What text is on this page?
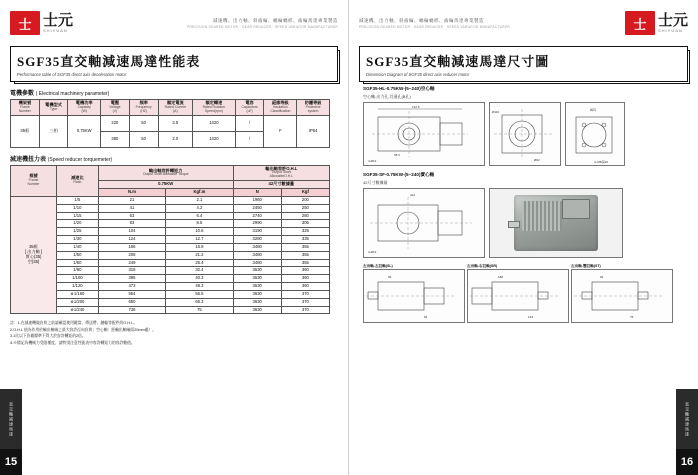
士 士元
SHIYUAN
減速機、出力軸、斜齒輪、蝸輪蝸桿、齒輪馬達專業製造
PRECISION GEARED MOTOR · GEAR REDUCER · SPEED VARIATOR MANUFACTURER
SGF35直交軸減速馬達性能表
Performance table of SGF35 direct axis deceleration motor
電機參數 ( Electrical machinery parameter)
機架號
Frame
Number	電機型式
Type	電機功率
Capacity
(W)	電壓
Voltage
(V)	頻率
Frequency
(HZ)	額定電流
Rated Current
(A)	額定轉速
Rated Rotation
Speed(rpm)	電容
Capacitors
(uF)	絕緣等級
Insulation
Classification	防護等級
Protective
system

35框	三相	0.75KW	220	50	3.5	1420	/	F	IP54
			380	50	2.0	1420	/		
減速機扭力表 (Speed reducer torquemeter)
框號
Frame
Number	減速比
Ratio	輸出軸容許轉矩力
Output Shaft Allowable Torque		輸出軸容許O.H.L
Output Shaft
AllowableO.H.L	

		0.75KW		42尺寸數據量	
		N.m	Kgf.m	N	Kgf

35框
[ 出力軸 ]
實心(35)
空(35)	1/5	21	2.1	1960	200
	1/10	41	4.2	2450	250
	1/15	63	6.4	2740	280
	1/20	83	8.5	2990	305
	1/25	104	10.6	3190	325
	1/30	124	12.7	3280	335
	1/40	166	16.9	3480	355
	1/50	208	21.2	3480	355
	1/60	249	25.4	3480	355
	1/80	318	32.4	3530	360
	1/100	395	40.3	3530	360
	1/120	473	48.3	3530	360
	※1/160	554	56.5	3630	370
	※1/200	650	66.3	3630	370
	※1/240	736	75	3630	370
註：1.在減速機做負荷之前請確認使用鍵當、傳送帶、鏈輪等配件的O.H.L。
2.O.H.L 值為作用於輸出軸端之最大容許徑向負荷；空心軸：距輸出軸端面20mm處）。
3.1比以下負載標準不得大於容許轉矩的2倍。
4.※標記為機械力受限種度，請特別注意性能表中容許轉矩力的容許數值。
直交軸減速馬達
15
減速機、出力軸、斜齒輪、蝸輪蝸桿、齒輪馬達專業製造
PRECISION GEARED MOTOR · GEAR REDUCER · SPEED VARIATOR MANUFACTURER	士 士元
SHIYUAN
SGF35直交軸減速馬達尺寸圖
Dimension Diagram of SGF35 direct axis reducer motor
SGF35-HL-0.75KW-(5~240)空心軸
空心軸-出力孔,其通孔(B孔)
132.5
4-Ø13
38.3
Ø110
Ø62
A向
4~M8深20
SGF35-SF-0.75KW-(5~240)實心軸
42尺寸數據量
412
4-Ø13
左出軸-左註軸(SL)
99
84
左出軸-右註軸(SR)
188
134
左出軸-雙註軸(ST)
92
75
直交軸減速馬達
16
